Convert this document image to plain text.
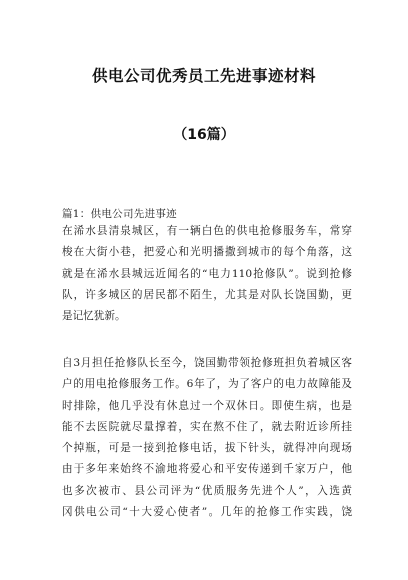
供电公司优秀员工先进事迹材料
（16篇）
篇1：供电公司先进事迹
在浠水县清泉城区，有一辆白色的供电抢修服务车，常穿
梭在大街小巷，把爱心和光明播撒到城市的每个角落，这
就是在浠水县城远近闻名的“电力110抢修队”。说到抢修
队，许多城区的居民都不陌生，尤其是对队长饶国勤，更
是记忆犹新。
自3月担任抢修队长至今，饶国勤带领抢修班担负着城区客
户的用电抢修服务工作。6年了，为了客户的电力故障能及
时排除，他几乎没有休息过一个双休日。即使生病，也是
能不去医院就尽量撑着，实在熬不住了，就去附近诊所挂
个掉瓶，可是一接到抢修电话，拔下针头，就得冲向现场
由于多年来始终不渝地将爱心和平安传递到千家万户，他
也多次被市、县公司评为“优质服务先进个人”，入选黄
冈供电公司“十大爱心使者”。几年的抢修工作实践，饶
